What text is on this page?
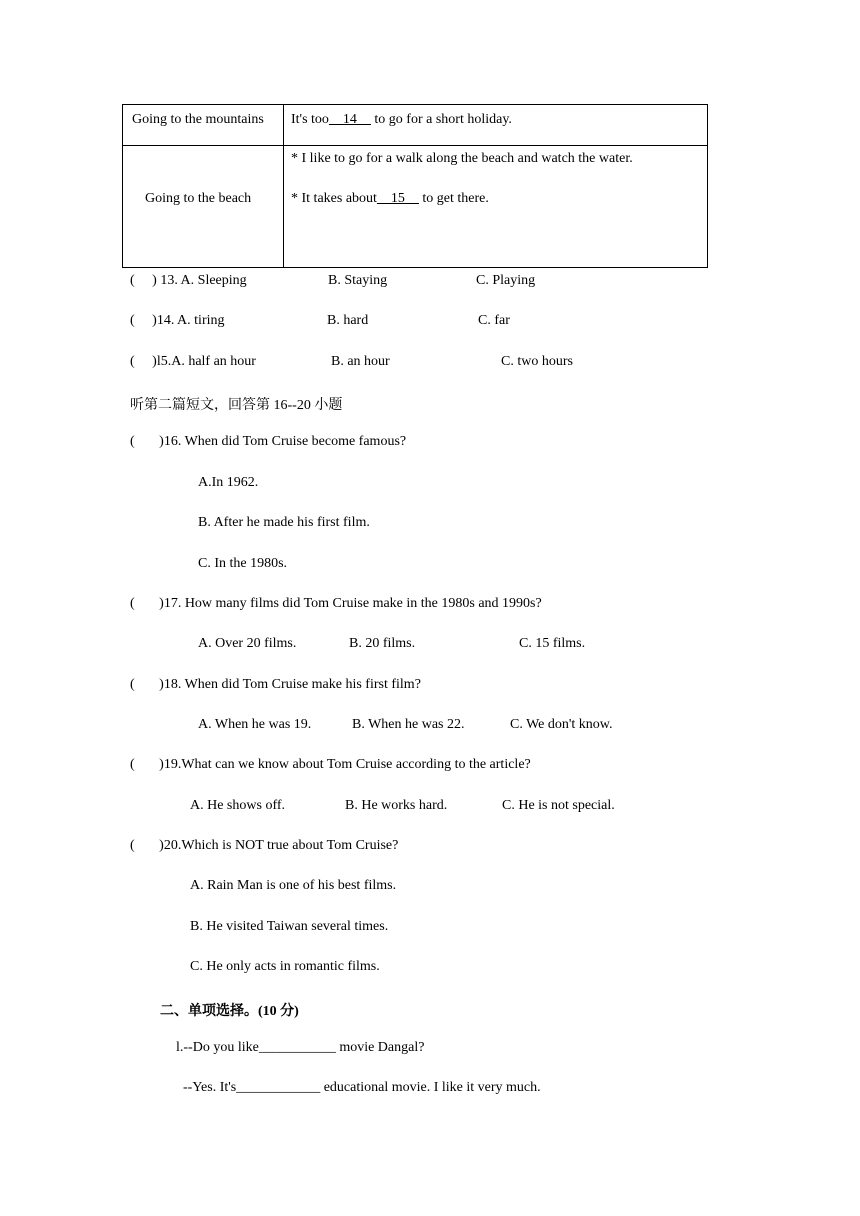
Going to the mountains	It's too    14     to go for a short holiday.

Going to the beach	* I like to go for a walk along the beach and watch the water.
* It takes about    15     to get there.
(     ) 13. A. Sleeping	B. Staying	C. Playing
(     )14. A. tiring	B. hard	C. far
(     )l5.A. half an hour	B. an hour	C. two hours
听第二篇短文，回答第 16--20 小题
(       )16. When did Tom Cruise become famous?
A.In 1962.
B. After he made his first film.
C. In the 1980s.
(       )17. How many films did Tom Cruise make in the 1980s and 1990s?
A. Over 20 films.	B. 20 films.	C. 15 films.
(       )18. When did Tom Cruise make his first film?
A. When he was 19.	B. When he was 22.	C. We don't know.
(       )19.What can we know about Tom Cruise according to the article?
A. He shows off.	B. He works hard.	C. He is not special.
(       )20.Which is NOT true about Tom Cruise?
A. Rain Man is one of his best films.
B. He visited Taiwan several times.
C. He only acts in romantic films.
二、单项选择。(10 分)
l.--Do you like___________ movie Dangal?
--Yes. It's____________ educational movie. I like it very much.
